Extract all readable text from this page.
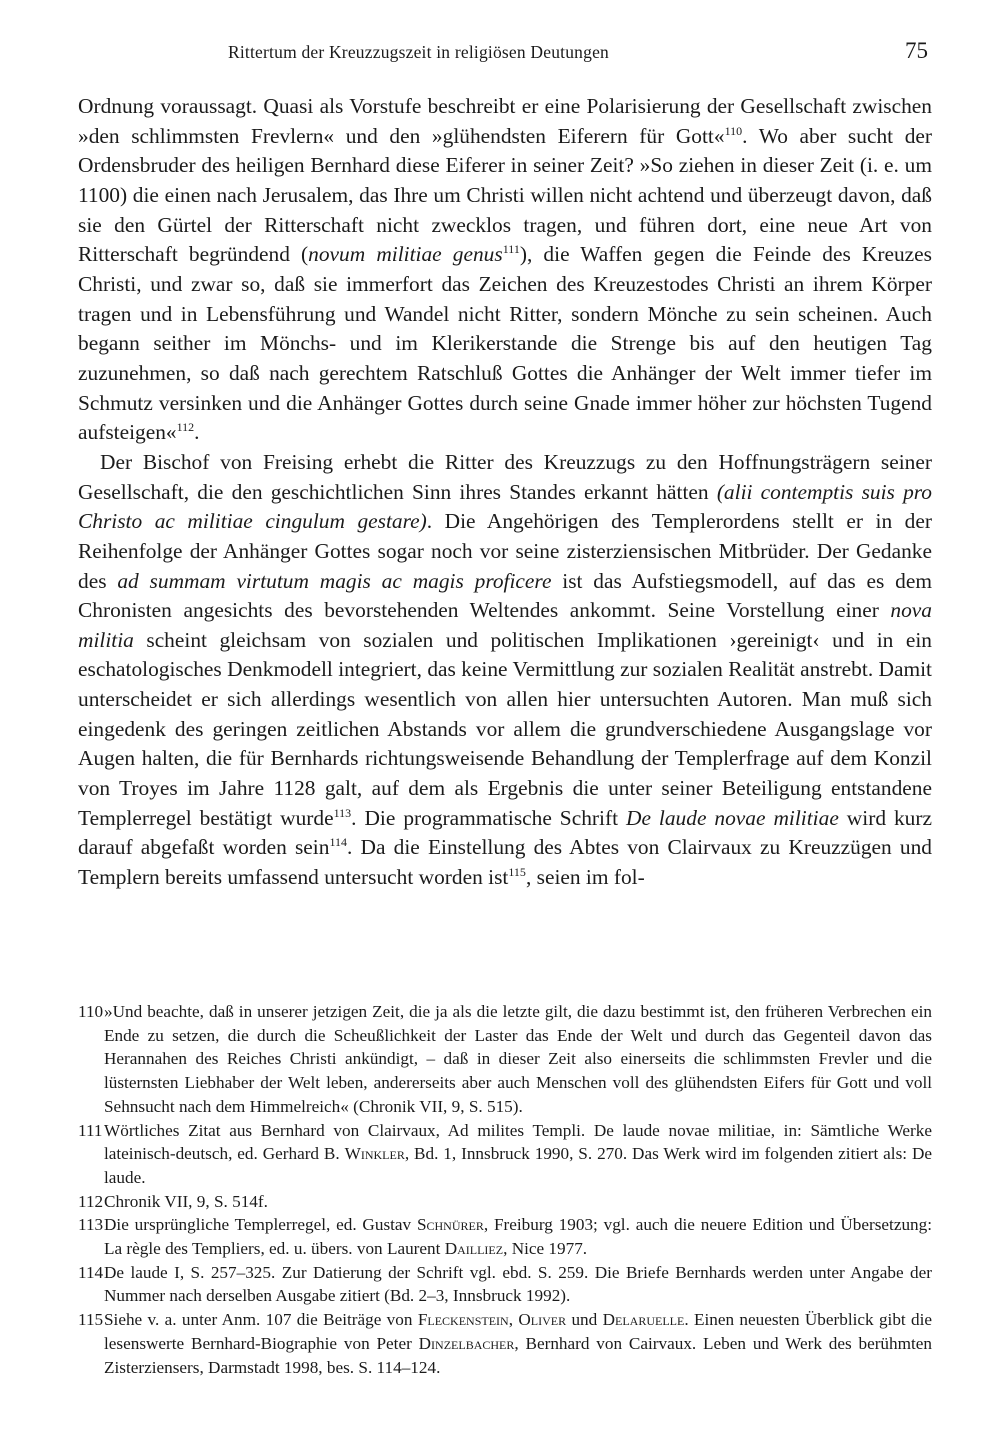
Rittertum der Kreuzzugszeit in religiösen Deutungen	75

Ordnung voraussagt. Quasi als Vorstufe beschreibt er eine Polarisierung der Gesellschaft zwischen »den schlimmsten Frevlern« und den »glühendsten Eiferern für Gott«$^{110}$. Wo aber sucht der Ordensbruder des heiligen Bernhard diese Eiferer in seiner Zeit? »So ziehen in dieser Zeit (i. e. um 1100) die einen nach Jerusalem, das Ihre um Christi willen nicht achtend und überzeugt davon, daß sie den Gürtel der Ritterschaft nicht zwecklos tragen, und führen dort, eine neue Art von Ritterschaft begründend (novum militiae genus$^{111}$), die Waffen gegen die Feinde des Kreuzes Christi, und zwar so, daß sie immerfort das Zeichen des Kreuzestodes Christi an ihrem Körper tragen und in Lebensführung und Wandel nicht Ritter, sondern Mönche zu sein scheinen. Auch begann seither im Mönchs- und im Klerikerstande die Strenge bis auf den heutigen Tag zuzunehmen, so daß nach gerechtem Ratschluß Gottes die Anhänger der Welt immer tiefer im Schmutz versinken und die Anhänger Gottes durch seine Gnade immer höher zur höchsten Tugend aufsteigen«$^{112}$.

Der Bischof von Freising erhebt die Ritter des Kreuzzugs zu den Hoffnungsträgern seiner Gesellschaft, die den geschichtlichen Sinn ihres Standes erkannt hätten (alii contemptis suis pro Christo ac militiae cingulum gestare). Die Angehörigen des Templerordens stellt er in der Reihenfolge der Anhänger Gottes sogar noch vor seine zisterziensischen Mitbrüder. Der Gedanke des ad summam virtutum magis ac magis proficere ist das Aufstiegsmodell, auf das es dem Chronisten angesichts des bevorstehenden Weltendes ankommt. Seine Vorstellung einer nova militia scheint gleichsam von sozialen und politischen Implikationen ›gereinigt‹ und in ein eschatologisches Denkmodell integriert, das keine Vermittlung zur sozialen Realität anstrebt. Damit unterscheidet er sich allerdings wesentlich von allen hier untersuchten Autoren. Man muß sich eingedenk des geringen zeitlichen Abstands vor allem die grundverschiedene Ausgangslage vor Augen halten, die für Bernhards richtungsweisende Behandlung der Templerfrage auf dem Konzil von Troyes im Jahre 1128 galt, auf dem als Ergebnis die unter seiner Beteiligung entstandene Templerregel bestätigt wurde$^{113}$. Die programmatische Schrift De laude novae militiae wird kurz darauf abgefaßt worden sein$^{114}$. Da die Einstellung des Abtes von Clairvaux zu Kreuzzügen und Templern bereits umfassend untersucht worden ist$^{115}$, seien im fol-

110 »Und beachte, daß in unserer jetzigen Zeit, die ja als die letzte gilt, die dazu bestimmt ist, den früheren Verbrechen ein Ende zu setzen, die durch die Scheußlichkeit der Laster das Ende der Welt und durch das Gegenteil davon das Herannahen des Reiches Christi ankündigt, – daß in dieser Zeit also einerseits die schlimmsten Frevler und die lüsternsten Liebhaber der Welt leben, andererseits aber auch Menschen voll des glühendsten Eifers für Gott und voll Sehnsucht nach dem Himmelreich« (Chronik VII, 9, S. 515).

111 Wörtliches Zitat aus Bernhard von Clairvaux, Ad milites Templi. De laude novae militiae, in: Sämtliche Werke lateinisch-deutsch, ed. Gerhard B. Winkler, Bd. 1, Innsbruck 1990, S. 270. Das Werk wird im folgenden zitiert als: De laude.

112 Chronik VII, 9, S. 514f.

113 Die ursprüngliche Templerregel, ed. Gustav Schnürer, Freiburg 1903; vgl. auch die neuere Edition und Übersetzung: La règle des Templiers, ed. u. übers. von Laurent Dailliez, Nice 1977.

114 De laude I, S. 257–325. Zur Datierung der Schrift vgl. ebd. S. 259. Die Briefe Bernhards werden unter Angabe der Nummer nach derselben Ausgabe zitiert (Bd. 2–3, Innsbruck 1992).

115 Siehe v. a. unter Anm. 107 die Beiträge von Fleckenstein, Oliver und Delaruelle. Einen neuesten Überblick gibt die lesenswerte Bernhard-Biographie von Peter Dinzelbacher, Bernhard von Cairvaux. Leben und Werk des berühmten Zisterziensers, Darmstadt 1998, bes. S. 114–124.
